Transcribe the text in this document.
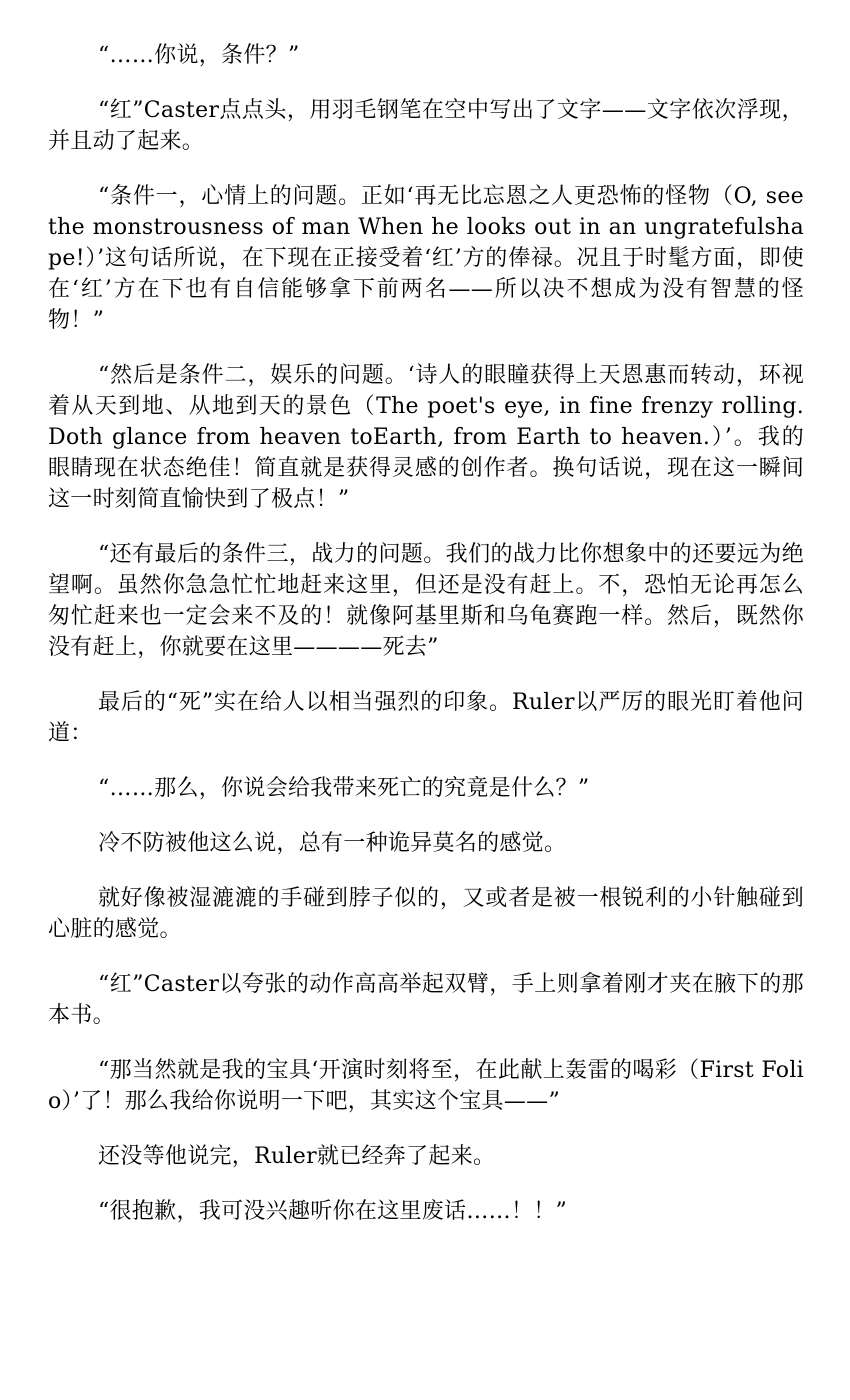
“……你说，条件？”

“红”Caster点点头，用羽毛钢笔在空中写出了文字——文字依次浮现，并且动了起来。

“条件一，心情上的问题。正如‘再无比忘恩之人更恐怖的怪物（O, see the monstrousness of man When he looks out in an ungratefulshape!）’这句话所说，在下现在正接受着‘红’方的俸禄。况且于时髦方面，即使在‘红’方在下也有自信能够拿下前两名——所以决不想成为没有智慧的怪物！”

“然后是条件二，娱乐的问题。‘诗人的眼瞳获得上天恩惠而转动，环视着从天到地、从地到天的景色（The poet's eye, in fine frenzy rolling. Doth glance from heaven toEarth, from Earth to heaven.）’。我的眼睛现在状态绝佳！简直就是获得灵感的创作者。换句话说，现在这一瞬间这一时刻简直愉快到了极点！”

“还有最后的条件三，战力的问题。我们的战力比你想象中的还要远为绝望啊。虽然你急急忙忙地赶来这里，但还是没有赶上。不，恐怕无论再怎么匆忙赶来也一定会来不及的！就像阿基里斯和乌龟赛跑一样。然后，既然你没有赶上，你就要在这里————死去”

最后的“死”实在给人以相当强烈的印象。Ruler以严厉的眼光盯着他问道：

“……那么，你说会给我带来死亡的究竟是什么？”

冷不防被他这么说，总有一种诡异莫名的感觉。

就好像被湿漉漉的手碰到脖子似的，又或者是被一根锐利的小针触碰到心脏的感觉。

“红”Caster以夸张的动作高高举起双臂，手上则拿着刚才夹在腋下的那本书。

“那当然就是我的宝具‘开演时刻将至，在此献上轰雷的喝彩（First Folio）’了！那么我给你说明一下吧，其实这个宝具——”

还没等他说完，Ruler就已经奔了起来。

“很抱歉，我可没兴趣听你在这里废话……！！”
